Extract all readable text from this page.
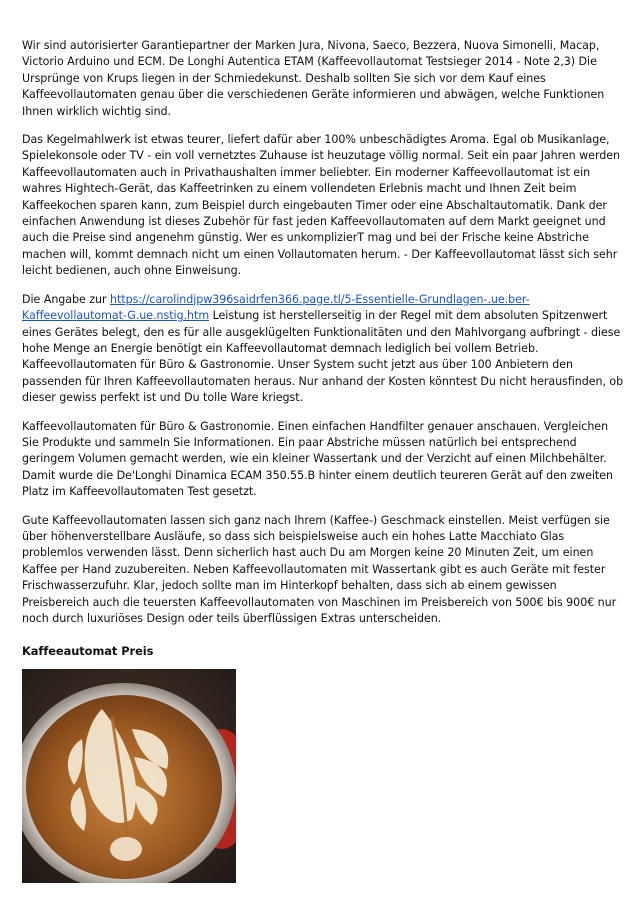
Wir sind autorisierter Garantiepartner der Marken Jura, Nivona, Saeco, Bezzera, Nuova Simonelli, Macap, Victorio Arduino und ECM. De Longhi Autentica ETAM (Kaffeevollautomat Testsieger 2014 - Note 2,3) Die Ursprünge von Krups liegen in der Schmiedekunst. Deshalb sollten Sie sich vor dem Kauf eines Kaffeevollautomaten genau über die verschiedenen Geräte informieren und abwägen, welche Funktionen Ihnen wirklich wichtig sind.

Das Kegelmahlwerk ist etwas teurer, liefert dafür aber 100% unbeschädigtes Aroma. Egal ob Musikanlage, Spielekonsole oder TV - ein voll vernetztes Zuhause ist heuzutage völlig normal. Seit ein paar Jahren werden Kaffeevollautomaten auch in Privathaushalten immer beliebter. Ein moderner Kaffeevollautomat ist ein wahres Hightech-Gerät, das Kaffeetrinken zu einem vollendeten Erlebnis macht und Ihnen Zeit beim Kaffeekochen sparen kann, zum Beispiel durch eingebauten Timer oder eine Abschaltautomatik. Dank der einfachen Anwendung ist dieses Zubehör für fast jeden Kaffeevollautomaten auf dem Markt geeignet und auch die Preise sind angenehm günstig. Wer es unkomplizierT mag und bei der Frische keine Abstriche machen will, kommt demnach nicht um einen Vollautomaten herum. - Der Kaffeevollautomat lässt sich sehr leicht bedienen, auch ohne Einweisung.

Die Angabe zur https://carolindjpw396saidrfen366.page.tl/5-Essentielle-Grundlagen-.ue.ber-Kaffeevollautomat-G.ue.nstig.htm Leistung ist herstellerseitig in der Regel mit dem absoluten Spitzenwert eines Gerätes belegt, den es für alle ausgeklügelten Funktionalitäten und den Mahlvorgang aufbringt - diese hohe Menge an Energie benötigt ein Kaffeevollautomat demnach lediglich bei vollem Betrieb. Kaffeevollautomaten für Büro & Gastronomie. Unser System sucht jetzt aus über 100 Anbietern den passenden für Ihren Kaffeevollautomaten heraus. Nur anhand der Kosten könntest Du nicht herausfinden, ob dieser gewiss perfekt ist und Du tolle Ware kriegst.

Kaffeevollautomaten für Büro & Gastronomie. Einen einfachen Handfilter genauer anschauen. Vergleichen Sie Produkte und sammeln Sie Informationen. Ein paar Abstriche müssen natürlich bei entsprechend geringem Volumen gemacht werden, wie ein kleiner Wassertank und der Verzicht auf einen Milchbehälter. Damit wurde die De'Longhi Dinamica ECAM 350.55.B hinter einem deutlich teureren Gerät auf den zweiten Platz im Kaffeevollautomaten Test gesetzt.

Gute Kaffeevollautomaten lassen sich ganz nach Ihrem (Kaffee-) Geschmack einstellen. Meist verfügen sie über höhenverstellbare Ausläufe, so dass sich beispielsweise auch ein hohes Latte Macchiato Glas problemlos verwenden lässt. Denn sicherlich hast auch Du am Morgen keine 20 Minuten Zeit, um einen Kaffee per Hand zuzubereiten. Neben Kaffeevollautomaten mit Wassertank gibt es auch Geräte mit fester Frischwasserzufuhr. Klar, jedoch sollte man im Hinterkopf behalten, dass sich ab einem gewissen Preisbereich auch die teuersten Kaffeevollautomaten von Maschinen im Preisbereich von 500€ bis 900€ nur noch durch luxuriöses Design oder teils überflüssigen Extras unterscheiden.

Kaffeeautomat Preis
